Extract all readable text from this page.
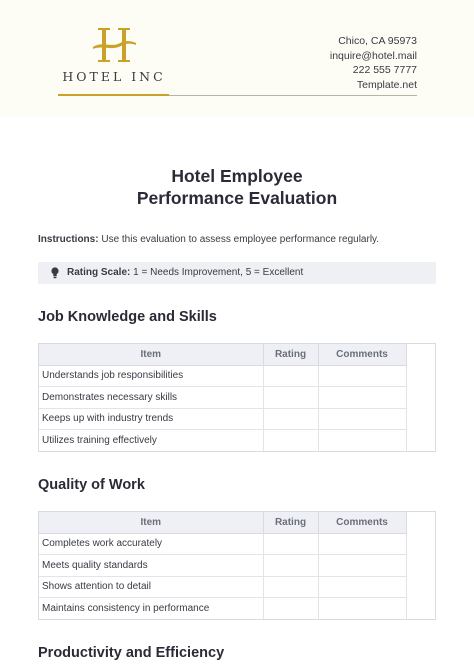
HOTEL INC
Chico, CA 95973
inquire@hotel.mail
222 555 7777
Template.net
Hotel Employee
Performance Evaluation
Instructions: Use this evaluation to assess employee performance regularly.
Rating Scale: 1 = Needs Improvement, 5 = Excellent
Job Knowledge and Skills
Item	Rating	Comments
Understands job responsibilities		
Demonstrates necessary skills		
Keeps up with industry trends		
Utilizes training effectively		
Quality of Work
Item	Rating	Comments
Completes work accurately		
Meets quality standards		
Shows attention to detail		
Maintains consistency in performance		
Productivity and Efficiency
